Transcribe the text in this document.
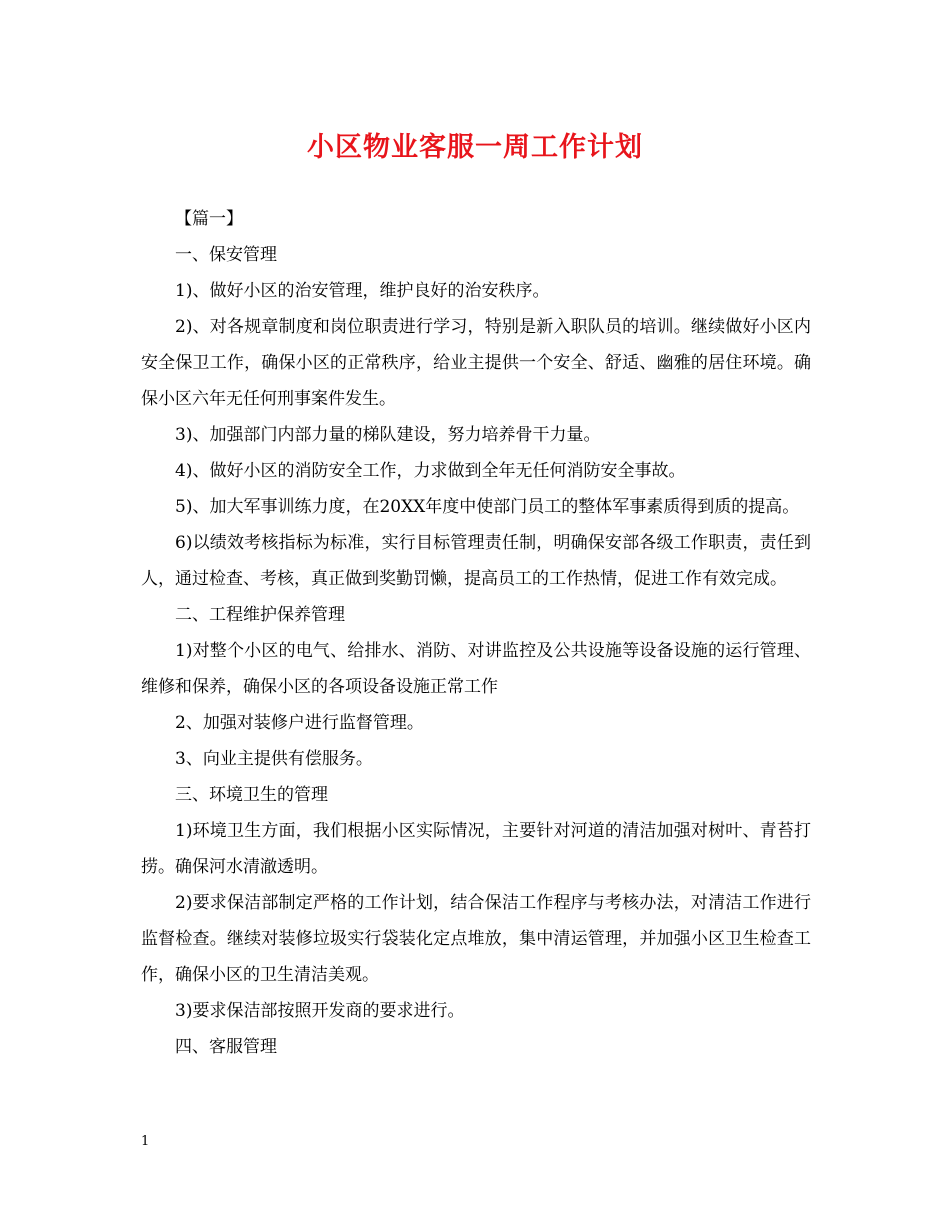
小区物业客服一周工作计划

【篇一】

一、保安管理

1)、做好小区的治安管理，维护良好的治安秩序。

2)、对各规章制度和岗位职责进行学习，特别是新入职队员的培训。继续做好小区内安全保卫工作，确保小区的正常秩序，给业主提供一个安全、舒适、幽雅的居住环境。确保小区六年无任何刑事案件发生。

3)、加强部门内部力量的梯队建设，努力培养骨干力量。

4)、做好小区的消防安全工作，力求做到全年无任何消防安全事故。

5)、加大军事训练力度，在20XX年度中使部门员工的整体军事素质得到质的提高。

6)以绩效考核指标为标准，实行目标管理责任制，明确保安部各级工作职责，责任到人，通过检查、考核，真正做到奖勤罚懒，提高员工的工作热情，促进工作有效完成。

二、工程维护保养管理

1)对整个小区的电气、给排水、消防、对讲监控及公共设施等设备设施的运行管理、维修和保养，确保小区的各项设备设施正常工作

2、加强对装修户进行监督管理。

3、向业主提供有偿服务。

三、环境卫生的管理

1)环境卫生方面，我们根据小区实际情况，主要针对河道的清洁加强对树叶、青苔打捞。确保河水清澈透明。

2)要求保洁部制定严格的工作计划，结合保洁工作程序与考核办法，对清洁工作进行监督检查。继续对装修垃圾实行袋装化定点堆放，集中清运管理，并加强小区卫生检查工作，确保小区的卫生清洁美观。

3)要求保洁部按照开发商的要求进行。

四、客服管理

1
